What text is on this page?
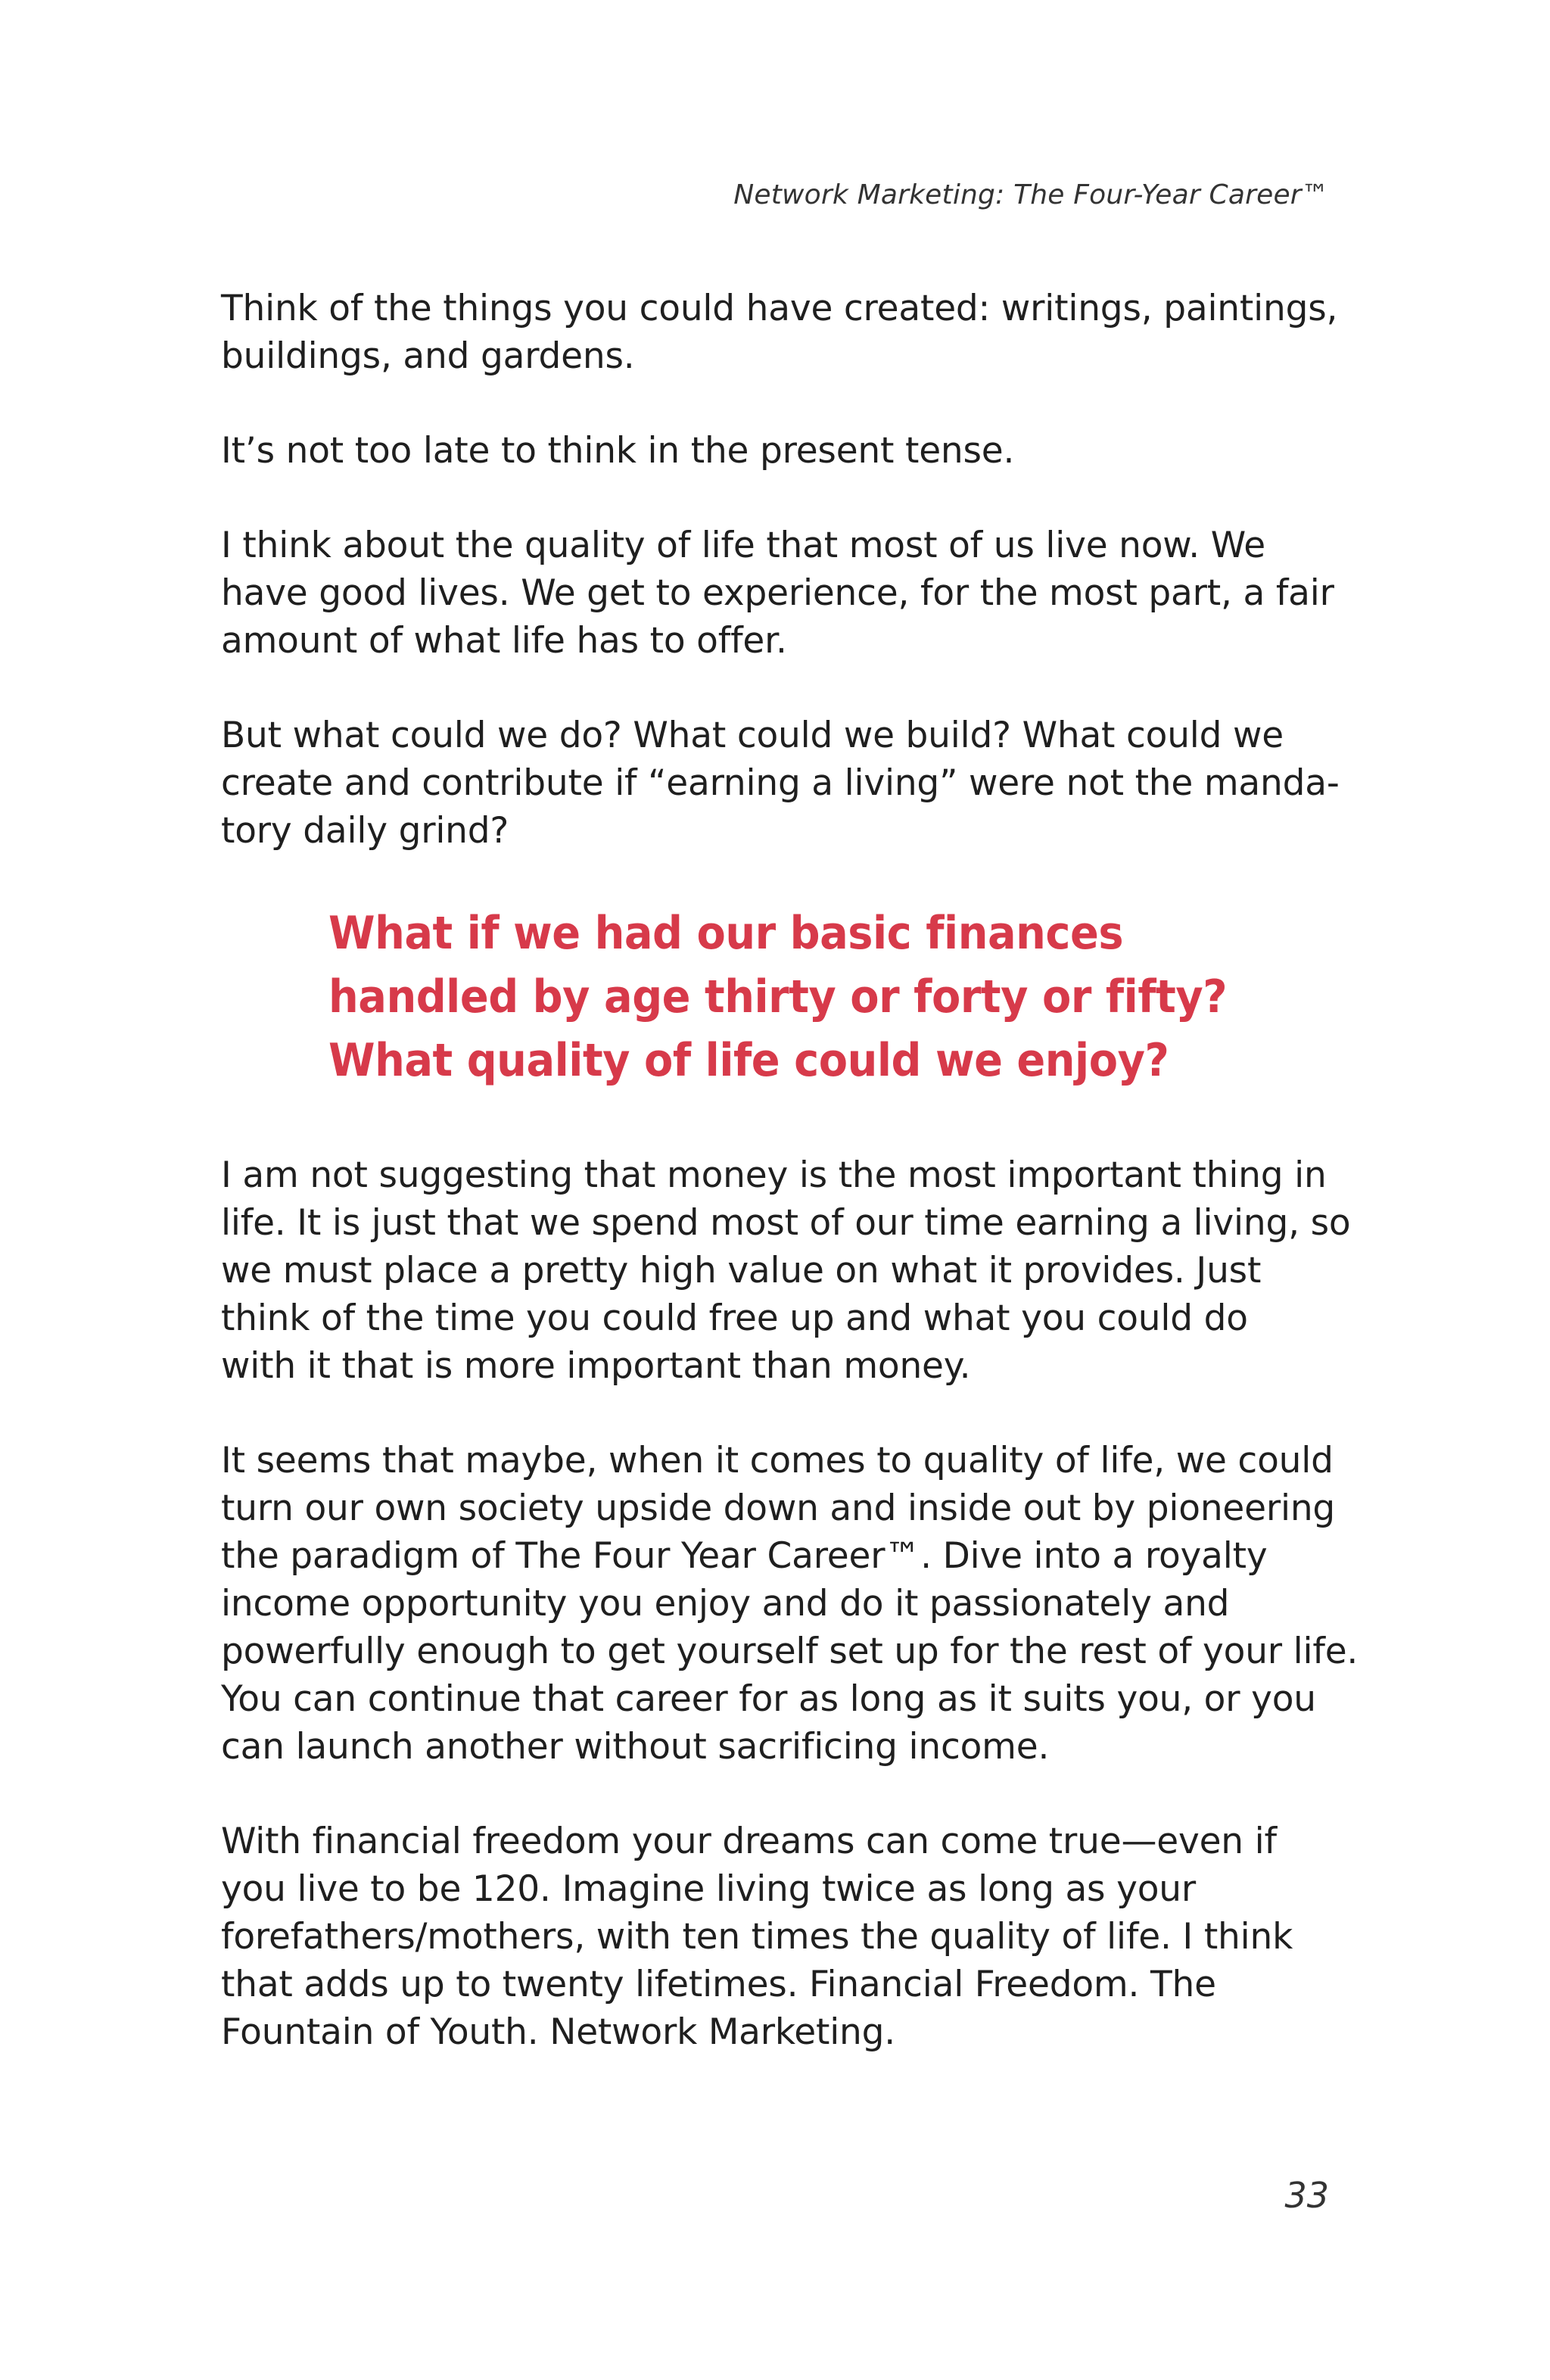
Network Marketing: The Four-Year Career™

Think of the things you could have created: writings, paintings,
buildings, and gardens.

It’s not too late to think in the present tense.

I think about the quality of life that most of us live now. We
have good lives. We get to experience, for the most part, a fair
amount of what life has to offer.

But what could we do? What could we build? What could we
create and contribute if “earning a living” were not the manda-
tory daily grind?

What if we had our basic finances
handled by age thirty or forty or fifty?
What quality of life could we enjoy?

I am not suggesting that money is the most important thing in
life. It is just that we spend most of our time earning a living, so
we must place a pretty high value on what it provides. Just
think of the time you could free up and what you could do
with it that is more important than money.

It seems that maybe, when it comes to quality of life, we could
turn our own society upside down and inside out by pioneering
the paradigm of The Four Year Career™. Dive into a royalty
income opportunity you enjoy and do it passionately and
powerfully enough to get yourself set up for the rest of your life.
You can continue that career for as long as it suits you, or you
can launch another without sacrificing income.

With financial freedom your dreams can come true—even if
you live to be 120. Imagine living twice as long as your
forefathers/mothers, with ten times the quality of life. I think
that adds up to twenty lifetimes. Financial Freedom. The
Fountain of Youth. Network Marketing.

33
